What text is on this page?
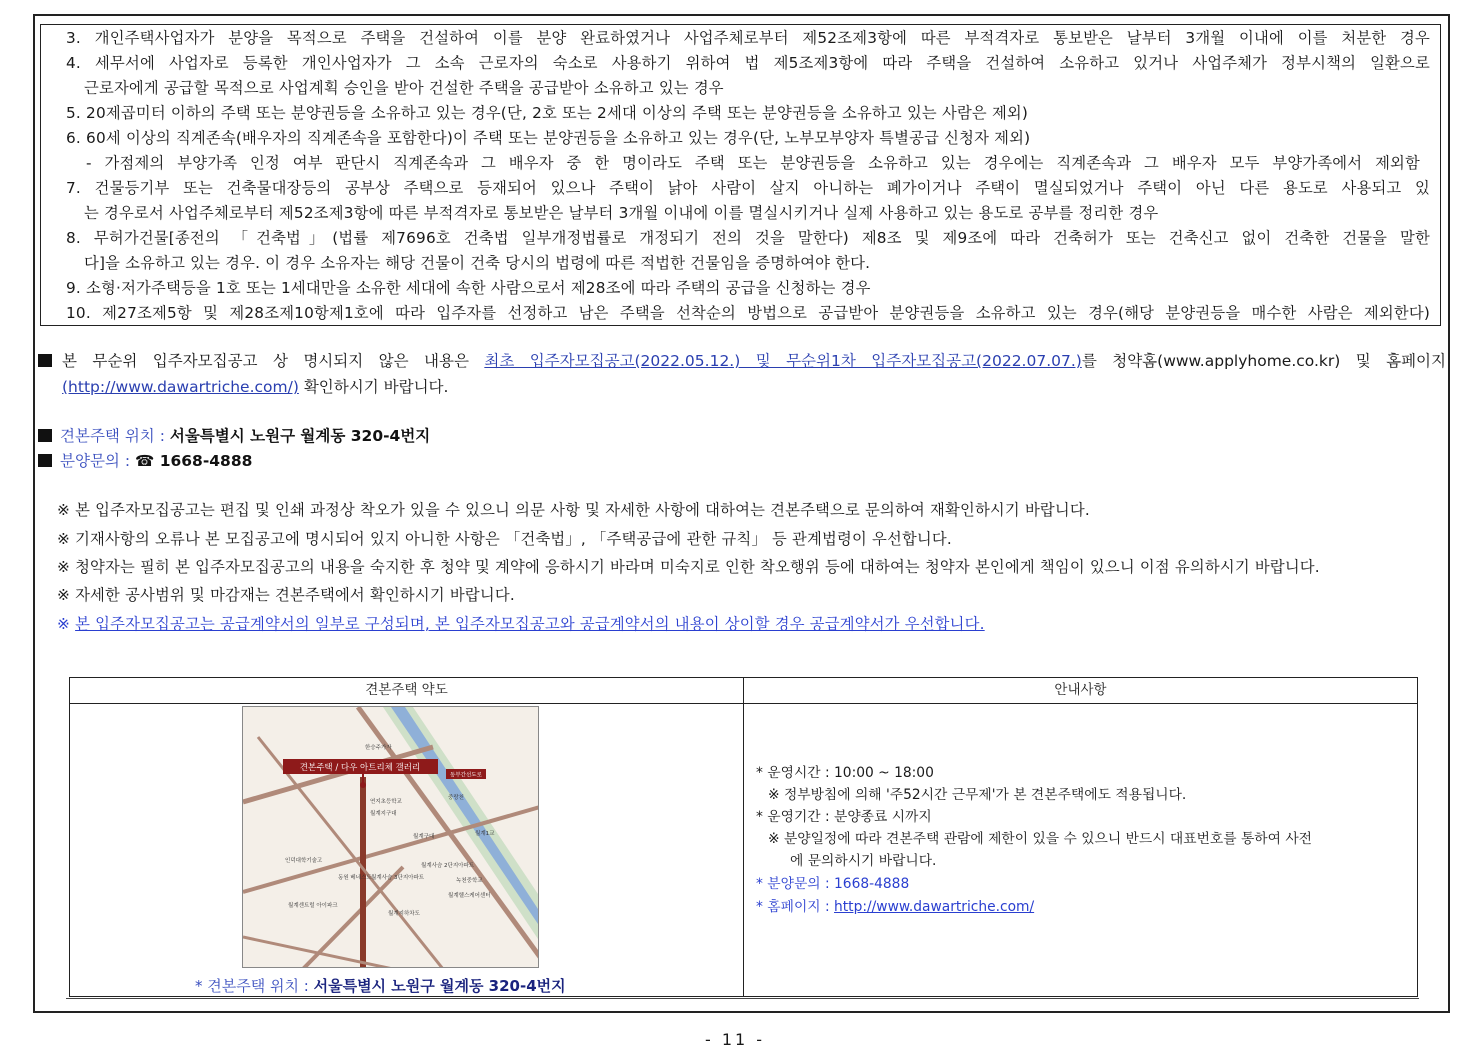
3. 개인주택사업자가 분양을 목적으로 주택을 건설하여 이를 분양 완료하였거나 사업주체로부터 제52조제3항에 따른 부적격자로 통보받은 날부터 3개월 이내에 이를 처분한 경우
4. 세무서에 사업자로 등록한 개인사업자가 그 소속 근로자의 숙소로 사용하기 위하여 법 제5조제3항에 따라 주택을 건설하여 소유하고 있거나 사업주체가 정부시책의 일환으로
근로자에게 공급할 목적으로 사업계획 승인을 받아 건설한 주택을 공급받아 소유하고 있는 경우
5. 20제곱미터 이하의 주택 또는 분양권등을 소유하고 있는 경우(단, 2호 또는 2세대 이상의 주택 또는 분양권등을 소유하고 있는 사람은 제외)
6. 60세 이상의 직계존속(배우자의 직계존속을 포함한다)이 주택 또는 분양권등을 소유하고 있는 경우(단, 노부모부양자 특별공급 신청자 제외)
- 가점제의 부양가족 인정 여부 판단시 직계존속과 그 배우자 중 한 명이라도 주택 또는 분양권등을 소유하고 있는 경우에는 직계존속과 그 배우자 모두 부양가족에서 제외함
7. 건물등기부 또는 건축물대장등의 공부상 주택으로 등재되어 있으나 주택이 낡아 사람이 살지 아니하는 폐가이거나 주택이 멸실되었거나 주택이 아닌 다른 용도로 사용되고 있
는 경우로서 사업주체로부터 제52조제3항에 따른 부적격자로 통보받은 날부터 3개월 이내에 이를 멸실시키거나 실제 사용하고 있는 용도로 공부를 정리한 경우
8. 무허가건물[종전의 「건축법」(법률 제7696호 건축법 일부개정법률로 개정되기 전의 것을 말한다) 제8조 및 제9조에 따라 건축허가 또는 건축신고 없이 건축한 건물을 말한
다]을 소유하고 있는 경우. 이 경우 소유자는 해당 건물이 건축 당시의 법령에 따른 적법한 건물임을 증명하여야 한다.
9. 소형·저가주택등을 1호 또는 1세대만을 소유한 세대에 속한 사람으로서 제28조에 따라 주택의 공급을 신청하는 경우
10. 제27조제5항 및 제28조제10항제1호에 따라 입주자를 선정하고 남은 주택을 선착순의 방법으로 공급받아 분양권등을 소유하고 있는 경우(해당 분양권등을 매수한 사람은 제외한다)
본 무순위 입주자모집공고 상 명시되지 않은 내용은 최초 입주자모집공고(2022.05.12.) 및 무순위1차 입주자모집공고(2022.07.07.)를 청약홈(www.applyhome.co.kr) 및 홈페이지
(http://www.dawartriche.com/) 확인하시기 바랍니다.
견본주택 위치 : 서울특별시 노원구 월계동 320-4번지
분양문의 : ☎ 1668-4888
※ 본 입주자모집공고는 편집 및 인쇄 과정상 착오가 있을 수 있으니 의문 사항 및 자세한 사항에 대하여는 견본주택으로 문의하여 재확인하시기 바랍니다.
※ 기재사항의 오류나 본 모집공고에 명시되어 있지 아니한 사항은 「건축법」, 「주택공급에 관한 규칙」 등 관계법령이 우선합니다.
※ 청약자는 필히 본 입주자모집공고의 내용을 숙지한 후 청약 및 계약에 응하시기 바라며 미숙지로 인한 착오행위 등에 대하여는 청약자 본인에게 책임이 있으니 이점 유의하시기 바랍니다.
※ 자세한 공사범위 및 마감재는 견본주택에서 확인하시기 바랍니다.
※ 본 입주자모집공고는 공급계약서의 일부로 구성되며, 본 입주자모집공고와 공급계약서의 내용이 상이할 경우 공급계약서가 우선합니다.
견본주택 약도	안내사항
견본주택 / 다우 아트리체 갤러리
한승주가자
동부간선도로
연지초등학교
월계지구대
인덕대학기술고
동원 베네스트 월계사슴 3단지아파트
월계사슴 2단지아파트
녹천중학교
월계헬스케어센터
월계센트럴 아이파크
월계지하차도
월계1교
중랑천
월계구대
* 견본주택 위치 : 서울특별시 노원구 월계동 320-4번지
* 운영시간 : 10:00 ~ 18:00
※ 정부방침에 의해 '주52시간 근무제'가 본 견본주택에도 적용됩니다.
* 운영기간 : 분양종료 시까지
※ 분양일정에 따라 견본주택 관람에 제한이 있을 수 있으니 반드시 대표번호를 통하여 사전
에 문의하시기 바랍니다.
* 분양문의 : 1668-4888
* 홈페이지 : http://www.dawartriche.com/
- 11 -
